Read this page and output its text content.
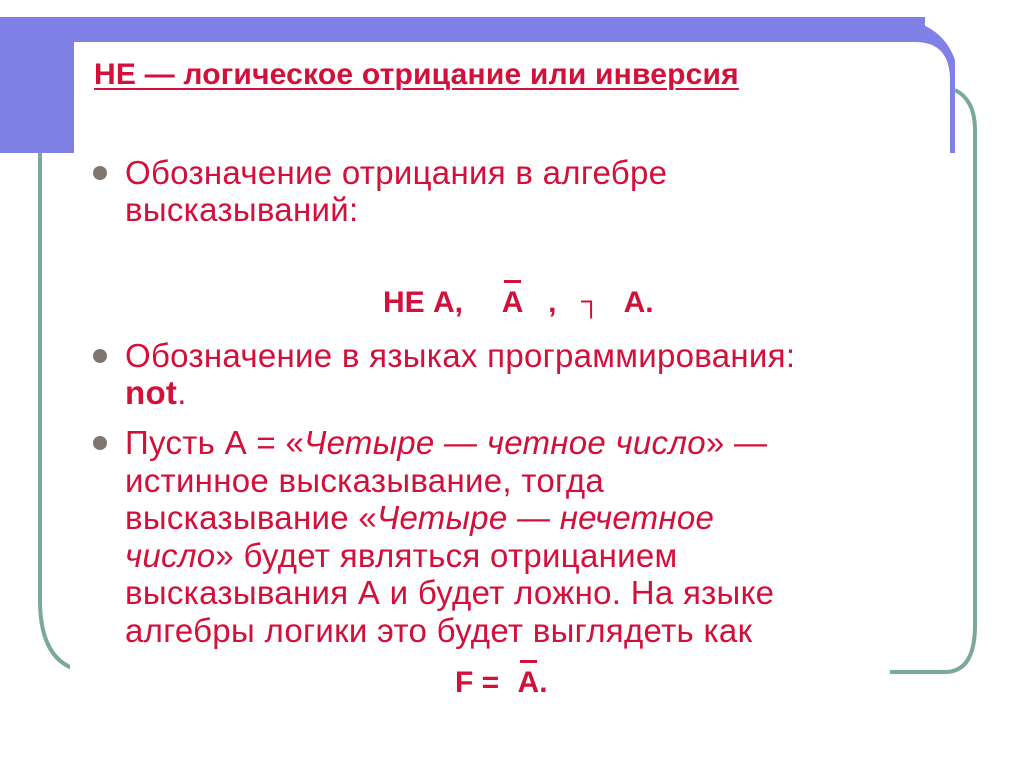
НЕ — логическое отрицание или инверсия
Обозначение отрицания в алгебре
высказываний:
НЕ А, А , ┐ А.
Обозначение в языках программирования:
not.
Пусть А = «Четыре — четное число» —
истинное высказывание, тогда
высказывание «Четыре — нечетное
число» будет являться отрицанием
высказывания А и будет ложно. На языке
алгебры логики это будет выглядеть как
F = А.
